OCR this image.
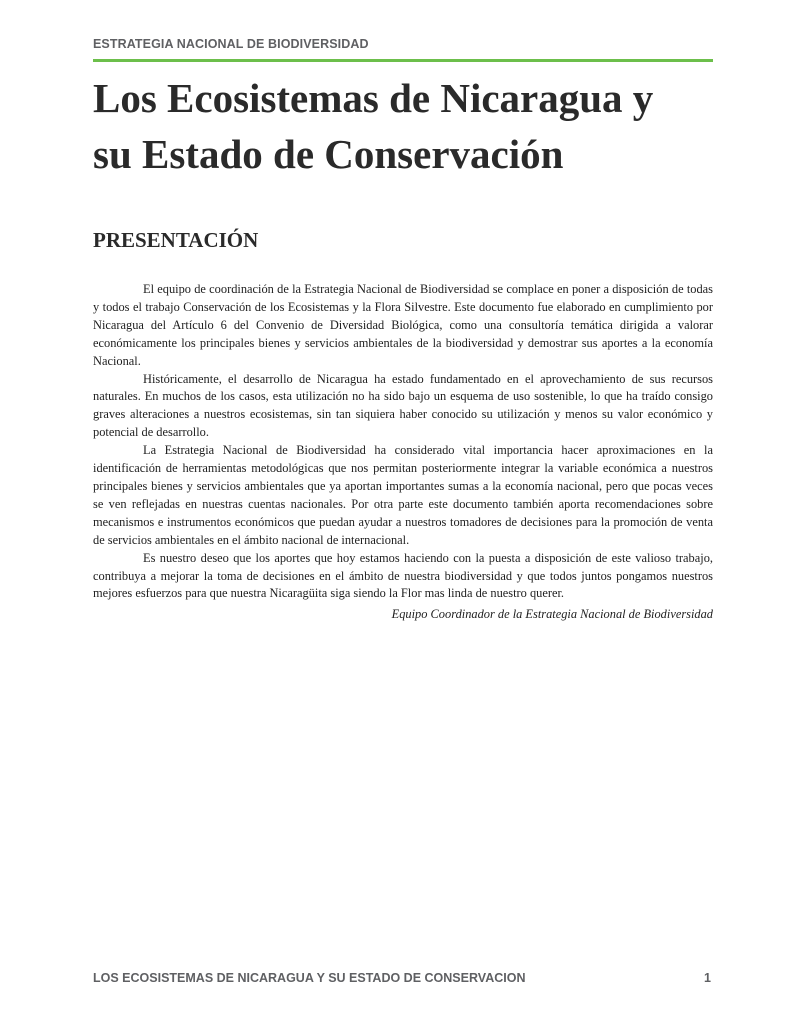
ESTRATEGIA NACIONAL DE BIODIVERSIDAD
Los Ecosistemas de Nicaragua y
su Estado de Conservación
PRESENTACIÓN

El equipo de coordinación de la Estrategia Nacional de Biodiversidad se complace en poner a disposición de todas y todos el trabajo Conservación de los Ecosistemas y la Flora Silvestre. Este documento fue elaborado en cumplimiento por Nicaragua del Artículo 6 del Convenio de Diversidad Biológica, como una consultoría temática dirigida a valorar económicamente los principales bienes y servicios ambientales de la biodiversidad y demostrar sus aportes a la economía Nacional.

Históricamente, el desarrollo de Nicaragua ha estado fundamentado en el aprovechamiento de sus recursos naturales. En muchos de los casos, esta utilización no ha sido bajo un esquema de uso sostenible, lo que ha traído consigo graves alteraciones a nuestros ecosistemas, sin tan siquiera haber conocido su utilización y menos su valor económico y potencial de desarrollo.

La Estrategia Nacional de Biodiversidad ha considerado vital importancia hacer aproximaciones en la identificación de herramientas metodológicas que nos permitan posteriormente integrar la variable económica a nuestros principales bienes y servicios ambientales que ya aportan importantes sumas a la economía nacional, pero que pocas veces se ven reflejadas en nuestras cuentas nacionales. Por otra parte este documento también aporta recomendaciones sobre mecanismos e instrumentos económicos que puedan ayudar a nuestros tomadores de decisiones para la promoción de venta de servicios ambientales en el ámbito nacional de internacional.

Es nuestro deseo que los aportes que hoy estamos haciendo con la puesta a disposición de este valioso trabajo, contribuya a mejorar la toma de decisiones en el ámbito de nuestra biodiversidad y que todos juntos pongamos nuestros mejores esfuerzos para que nuestra Nicaragüita siga siendo la Flor mas linda de nuestro querer.

Equipo Coordinador de la Estrategia Nacional de Biodiversidad
LOS ECOSISTEMAS DE NICARAGUA Y SU ESTADO DE CONSERVACION	1
